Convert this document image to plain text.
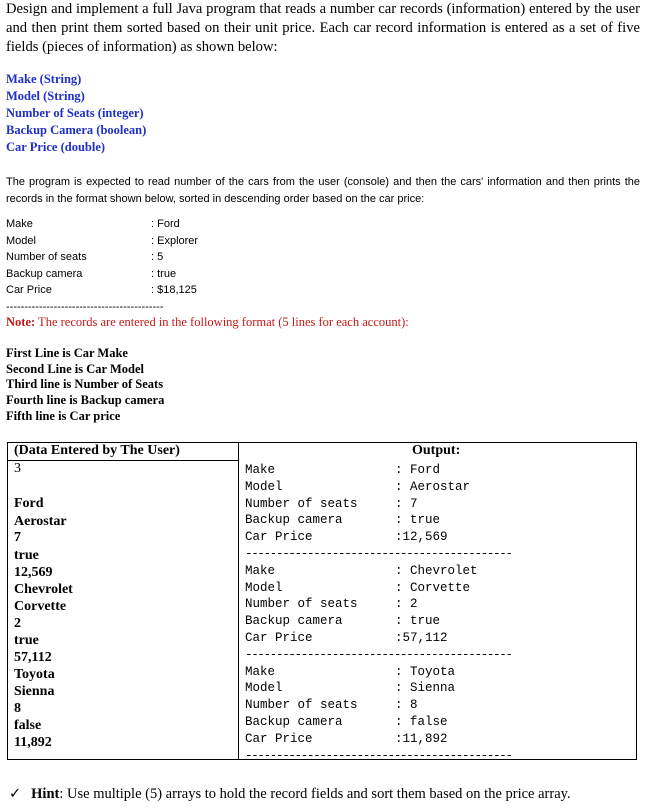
Design and implement a full Java program that reads a number car records (information) entered by the user and then print them sorted based on their unit price. Each car record information is entered as a set of five fields (pieces of information) as shown below:

Make (String)
Model (String)
Number of Seats (integer)
Backup Camera (boolean)
Car Price (double)

The program is expected to read number of the cars from the user (console) and then the cars' information and then prints the records in the format shown below, sorted in descending order based on the car price:

Make	: Ford
Model	: Explorer
Number of seats	: 5
Backup camera	: true
Car Price	: $18,125
-------------------------------------------
Note: The records are entered in the following format (5 lines for each account):
First Line is Car Make
Second Line is Car Model
Third line is Number of Seats
Fourth line is Backup camera
Fifth line is Car price
(Data Entered by The User)	Output:
3
Ford
Aerostar
7
true
12,569
Chevrolet
Corvette
2
true
57,112
Toyota
Sienna
8
false
11,892
Make	: Ford
Model	: Aerostar
Number of seats	: 7
Backup camera	: true
Car Price	:12,569
-------------------------------------------
Make	: Chevrolet
Model	: Corvette
Number of seats	: 2
Backup camera	: true
Car Price	:57,112
-------------------------------------------
Make	: Toyota
Model	: Sienna
Number of seats	: 8
Backup camera	: false
Car Price	:11,892
-------------------------------------------
✓ Hint: Use multiple (5) arrays to hold the record fields and sort them based on the price array.
